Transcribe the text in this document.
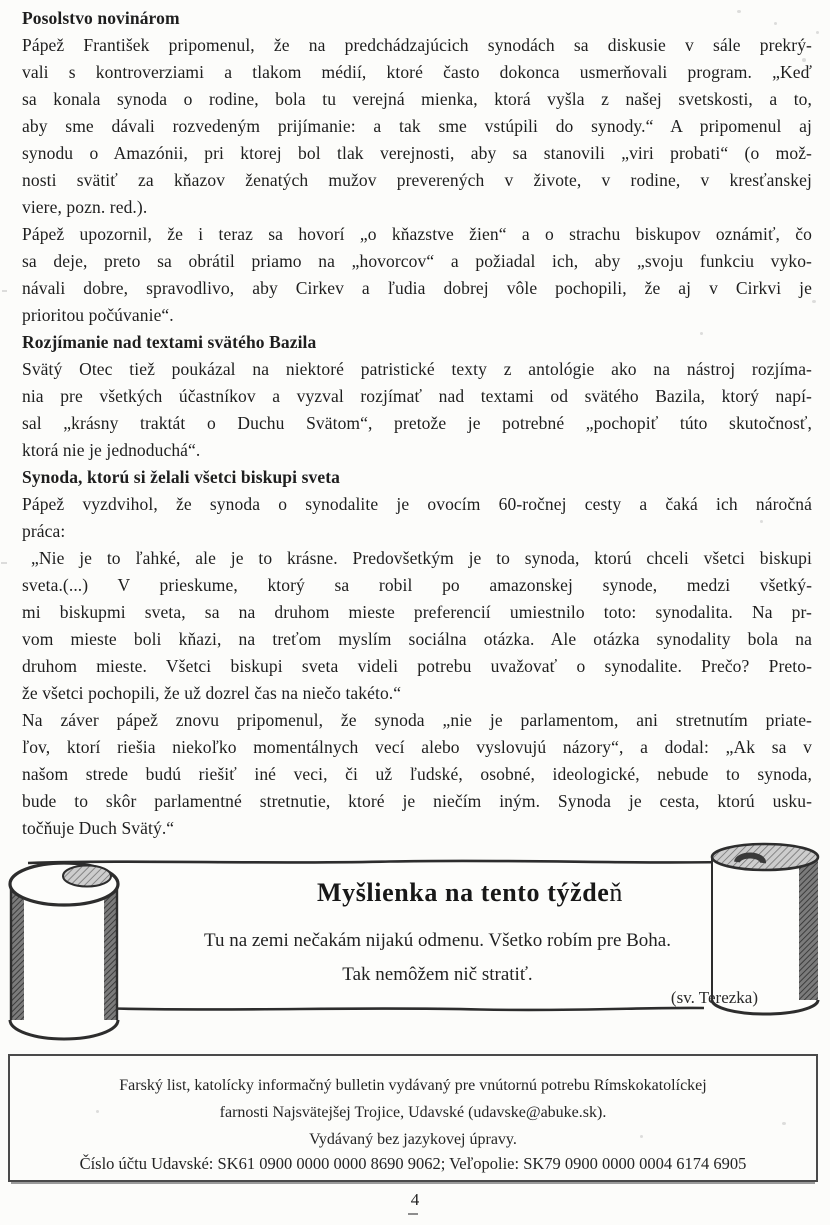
Posolstvo novinárom
Pápež František pripomenul, že na predchádzajúcich synodách sa diskusie v sále prekrý-
vali s kontroverziami a tlakom médií, ktoré často dokonca usmerňovali program. „Keď
sa konala synoda o rodine, bola tu verejná mienka, ktorá vyšla z našej svetskosti, a to,
aby sme dávali rozvedeným prijímanie: a tak sme vstúpili do synody.“ A pripomenul aj
synodu o Amazónii, pri ktorej bol tlak verejnosti, aby sa stanovili „viri probati“ (o mož-
nosti svätiť za kňazov ženatých mužov preverených v živote, v rodine, v kresťanskej
viere, pozn. red.).
Pápež upozornil, že i teraz sa hovorí „o kňazstve žien“ a o strachu biskupov oznámiť, čo
sa deje, preto sa obrátil priamo na „hovorcov“ a požiadal ich, aby „svoju funkciu vyko-
návali dobre, spravodlivo, aby Cirkev a ľudia dobrej vôle pochopili, že aj v Cirkvi je
prioritou počúvanie“.
Rozjímanie nad textami svätého Bazila
Svätý Otec tiež poukázal na niektoré patristické texty z antológie ako na nástroj rozjíma-
nia pre všetkých účastníkov a vyzval rozjímať nad textami od svätého Bazila, ktorý napí-
sal „krásny traktát o Duchu Svätom“, pretože je potrebné „pochopiť túto skutočnosť,
ktorá nie je jednoduchá“.
Synoda, ktorú si želali všetci biskupi sveta
Pápež vyzdvihol, že synoda o synodalite je ovocím 60-ročnej cesty a čaká ich náročná
práca:
„Nie je to ľahké, ale je to krásne. Predovšetkým je to synoda, ktorú chceli všetci biskupi
sveta.(...) V prieskume, ktorý sa robil po amazonskej synode, medzi všetký-
mi biskupmi sveta, sa na druhom mieste preferencií umiestnilo toto: synodalita. Na pr-
vom mieste boli kňazi, na treťom myslím sociálna otázka. Ale otázka synodality bola na
druhom mieste. Všetci biskupi sveta videli potrebu uvažovať o synodalite. Prečo? Preto-
že všetci pochopili, že už dozrel čas na niečo takéto.“
Na záver pápež znovu pripomenul, že synoda „nie je parlamentom, ani stretnutím priate-
ľov, ktorí riešia niekoľko momentálnych vecí alebo vyslovujú názory“, a dodal: „Ak sa v
našom strede budú riešiť iné veci, či už ľudské, osobné, ideologické, nebude to synoda,
bude to skôr parlamentné stretnutie, ktoré je niečím iným. Synoda je cesta, ktorú usku-
točňuje Duch Svätý.“
Myšlienka na tento týždeň
Tu na zemi nečakám nijakú odmenu. Všetko robím pre Boha.
Tak nemôžem nič stratiť.
(sv. Terezka)
Farský list, katolícky informačný bulletin vydávaný pre vnútornú potrebu Rímskokatolíckej
farnosti Najsvätejšej Trojice, Udavské (udavske@abuke.sk).
Vydávaný bez jazykovej úpravy.
Číslo účtu Udavské: SK61 0900 0000 0000 8690 9062; Veľopolie: SK79 0900 0000 0004 6174 6905
4
